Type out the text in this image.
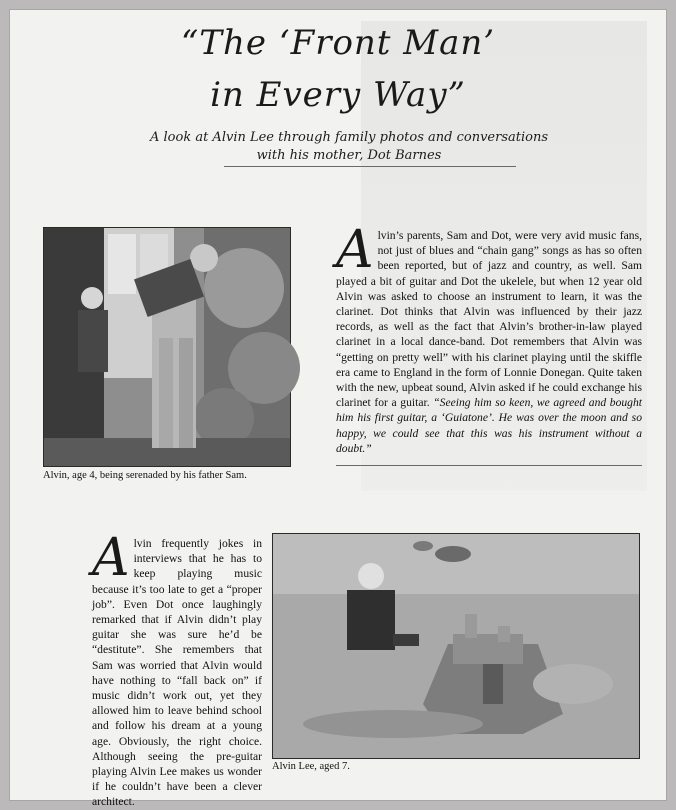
“The ‘Front Man’
in Every Way”
A look at Alvin Lee through family photos and conversations
with his mother, Dot Barnes
Alvin, age 4, being serenaded by his father Sam.
Alvin’s parents, Sam and Dot, were very avid music fans, not just of blues and “chain gang” songs as has so often been reported, but of jazz and country, as well. Sam played a bit of guitar and Dot the ukelele, but when 12 year old Alvin was asked to choose an instrument to learn, it was the clarinet. Dot thinks that Alvin was influenced by their jazz records, as well as the fact that Alvin’s brother-in-law played clarinet in a local dance-band. Dot remembers that Alvin was “getting on pretty well” with his clarinet playing until the skiffle era came to England in the form of Lonnie Donegan. Quite taken with the new, upbeat sound, Alvin asked if he could exchange his clarinet for a guitar. “Seeing him so keen, we agreed and bought him his first guitar, a ‘Guiatone’. He was over the moon and so happy, we could see that this was his instrument without a doubt.”
Alvin frequently jokes in interviews that he has to keep playing music because it’s too late to get a “proper job”. Even Dot once laughingly remarked that if Alvin didn’t play guitar she was sure he’d be “destitute”. She remembers that Sam was worried that Alvin would have nothing to “fall back on” if music didn’t work out, yet they allowed him to leave behind school and follow his dream at a young age. Obviously, the right choice. Although seeing the pre-guitar playing Alvin Lee makes us wonder if he couldn’t have been a clever architect.
Alvin Lee, aged 7.
